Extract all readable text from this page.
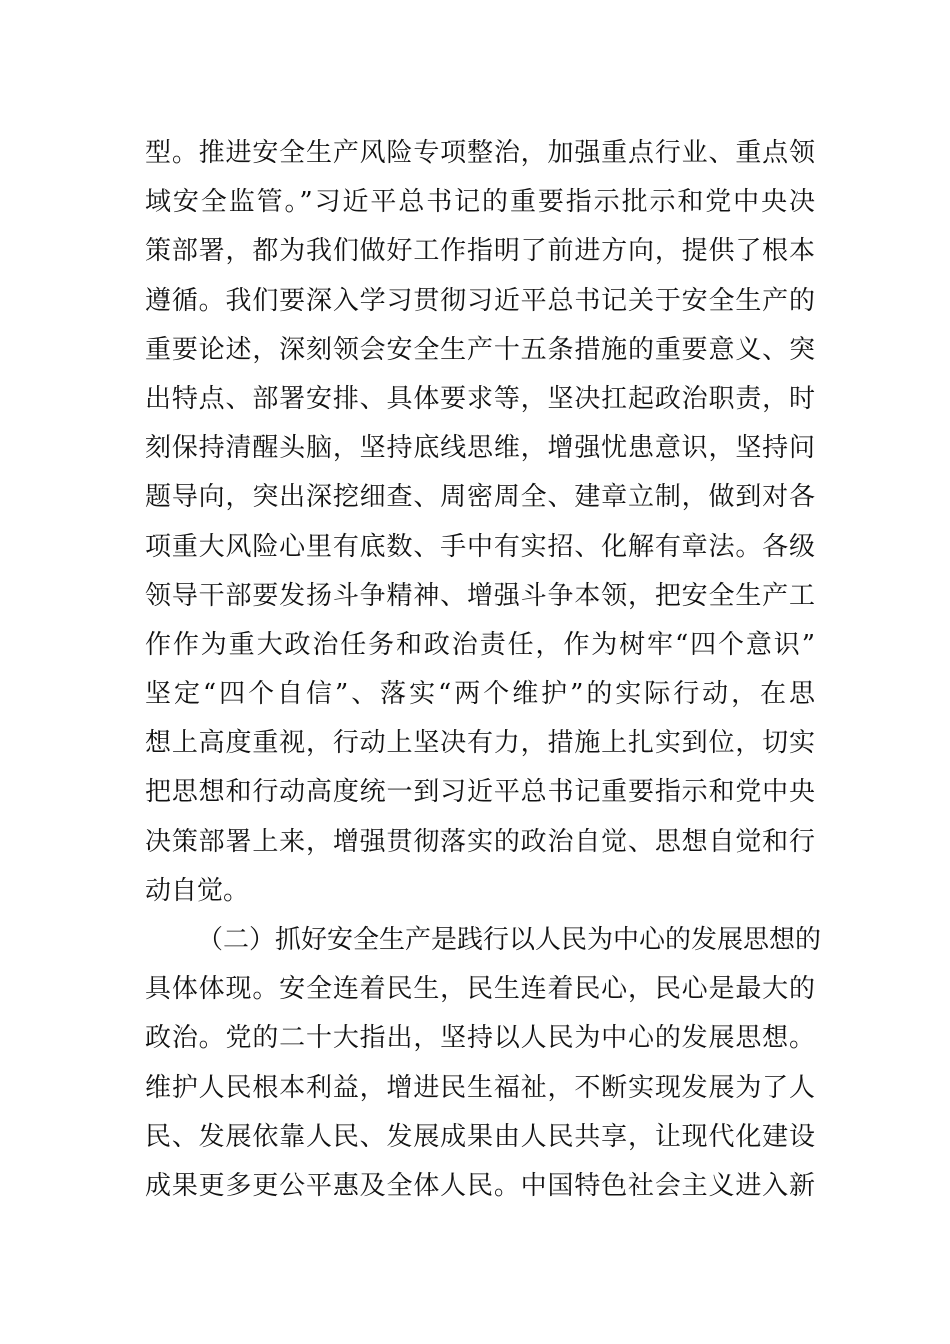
型。推进安全生产风险专项整治，加强重点行业、重点领
域安全监管。”习近平总书记的重要指示批示和党中央决
策部署，都为我们做好工作指明了前进方向，提供了根本
遵循。我们要深入学习贯彻习近平总书记关于安全生产的
重要论述，深刻领会安全生产十五条措施的重要意义、突
出特点、部署安排、具体要求等，坚决扛起政治职责，时
刻保持清醒头脑，坚持底线思维，增强忧患意识，坚持问
题导向，突出深挖细查、周密周全、建章立制，做到对各
项重大风险心里有底数、手中有实招、化解有章法。各级
领导干部要发扬斗争精神、增强斗争本领，把安全生产工
作作为重大政治任务和政治责任，作为树牢“四个意识”
坚定“四个自信”、落实“两个维护”的实际行动，在思
想上高度重视，行动上坚决有力，措施上扎实到位，切实
把思想和行动高度统一到习近平总书记重要指示和党中央
决策部署上来，增强贯彻落实的政治自觉、思想自觉和行
动自觉。
（二）抓好安全生产是践行以人民为中心的发展思想的
具体体现。安全连着民生，民生连着民心，民心是最大的
政治。党的二十大指出，坚持以人民为中心的发展思想。
维护人民根本利益，增进民生福祉，不断实现发展为了人
民、发展依靠人民、发展成果由人民共享，让现代化建设
成果更多更公平惠及全体人民。中国特色社会主义进入新
